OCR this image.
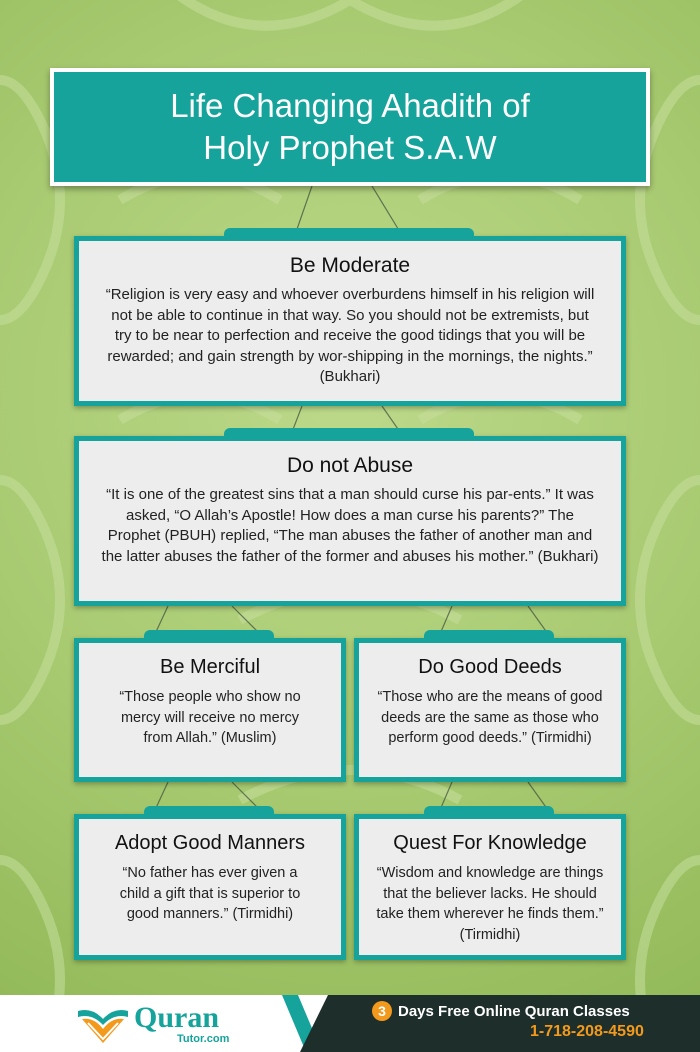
Life Changing Ahadith of
Holy Prophet S.A.W
Be Moderate

“Religion is very easy and whoever overburdens himself in his religion will not be able to continue in that way. So you should not be extremists, but try to be near to perfection and receive the good tidings that you will be rewarded; and gain strength by wor-shipping in the mornings, the nights.” (Bukhari)

Do not Abuse

“It is one of the greatest sins that a man should curse his par-ents.” It was asked, “O Allah’s Apostle! How does a man curse his parents?” The Prophet (PBUH) replied, “The man abuses the father of another man and the latter abuses the father of the former and abuses his mother.” (Bukhari)

Be Merciful

“Those people who show no mercy will receive no mercy from Allah.” (Muslim)

Do Good Deeds

“Those who are the means of good deeds are the same as those who perform good deeds.” (Tirmidhi)

Adopt Good Manners

“No father has ever given a child a gift that is superior to good manners.” (Tirmidhi)

Quest For Knowledge

“Wisdom and knowledge are things that the believer lacks. He should take them wherever he finds them.” (Tirmidhi)

Quran
Tutor.com
3 Days Free Online Quran Classes
1-718-208-4590
